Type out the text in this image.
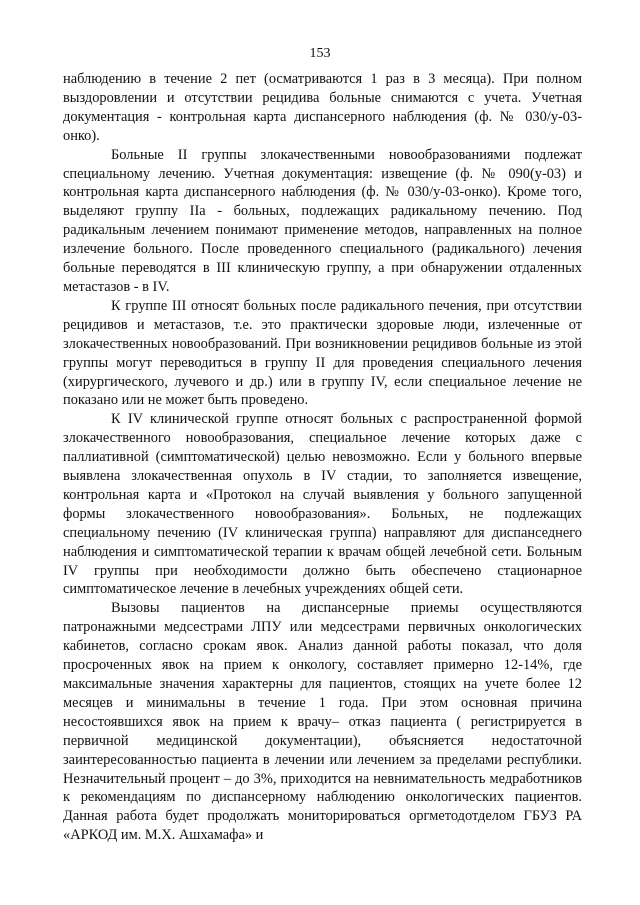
153

наблюдению в течение 2 пет (осматриваются 1 раз в 3 месяца). При полном выздоровлении и отсутствии рецидива больные снимаются с учета. Учетная документация - контрольная карта диспансерного наблюдения (ф. № 030/у-03-онко).

Больные II группы злокачественными новообразованиями подлежат специальному лечению. Учетная документация: извещение (ф. № 090(у-03) и контрольная карта диспансерного наблюдения (ф. № 030/у-03-онко). Кроме того, выделяют группу IIa - больных, подлежащих радикальному печению. Под радикальным лечением понимают применение методов, направленных на полное излечение больного. После проведенного специального (радикального) лечения больные переводятся в III клиническую группу, а при обнаружении отдаленных метастазов - в IV.

К группе III относят больных после радикального печения, при отсутствии рецидивов и метастазов, т.е. это практически здоровые люди, излеченные от злокачественных новообразований. При возникновении рецидивов больные из этой группы могут переводиться в группу II для проведения специального лечения (хирургического, лучевого и др.) или в группу IV, если специальное лечение не показано или не может быть проведено.

К IV клинической группе относят больных с распространенной формой злокачественного новообразования, специальное лечение которых даже с паллиативной (симптоматической) целью невозможно. Если у больного впервые выявлена злокачественная опухоль в IV стадии, то заполняется извещение, контрольная карта и «Протокол на случай выявления у больного запущенной формы злокачественного новообразования». Больных, не подлежащих специальному печению (IV клиническая группа) направляют для диспанседнего наблюдения и симптоматической терапии к врачам общей лечебной сети. Больным IV группы при необходимости должно быть обеспечено стационарное симптоматическое лечение в лечебных учреждениях общей сети.

Вызовы пациентов на диспансерные приемы осуществляются патронажными медсестрами ЛПУ или медсестрами первичных онкологических кабинетов, согласно срокам явок. Анализ данной работы показал, что доля просроченных явок на прием к онкологу, составляет примерно 12-14%, где максимальные значения характерны для пациентов, стоящих на учете более 12 месяцев и минимальны в течение 1 года. При этом основная причина несостоявшихся явок на прием к врачу– отказ пациента ( регистрируется в первичной медицинской документации), объясняется недостаточной заинтересованностью пациента в лечении или лечением за пределами республики. Незначительный процент – до 3%, приходится на невнимательность медработников к рекомендациям по диспансерному наблюдению онкологических пациентов. Данная работа будет продолжать мониторироваться оргметодотделом ГБУЗ РА «АРКОД им. М.Х. Ашхамафа» и
